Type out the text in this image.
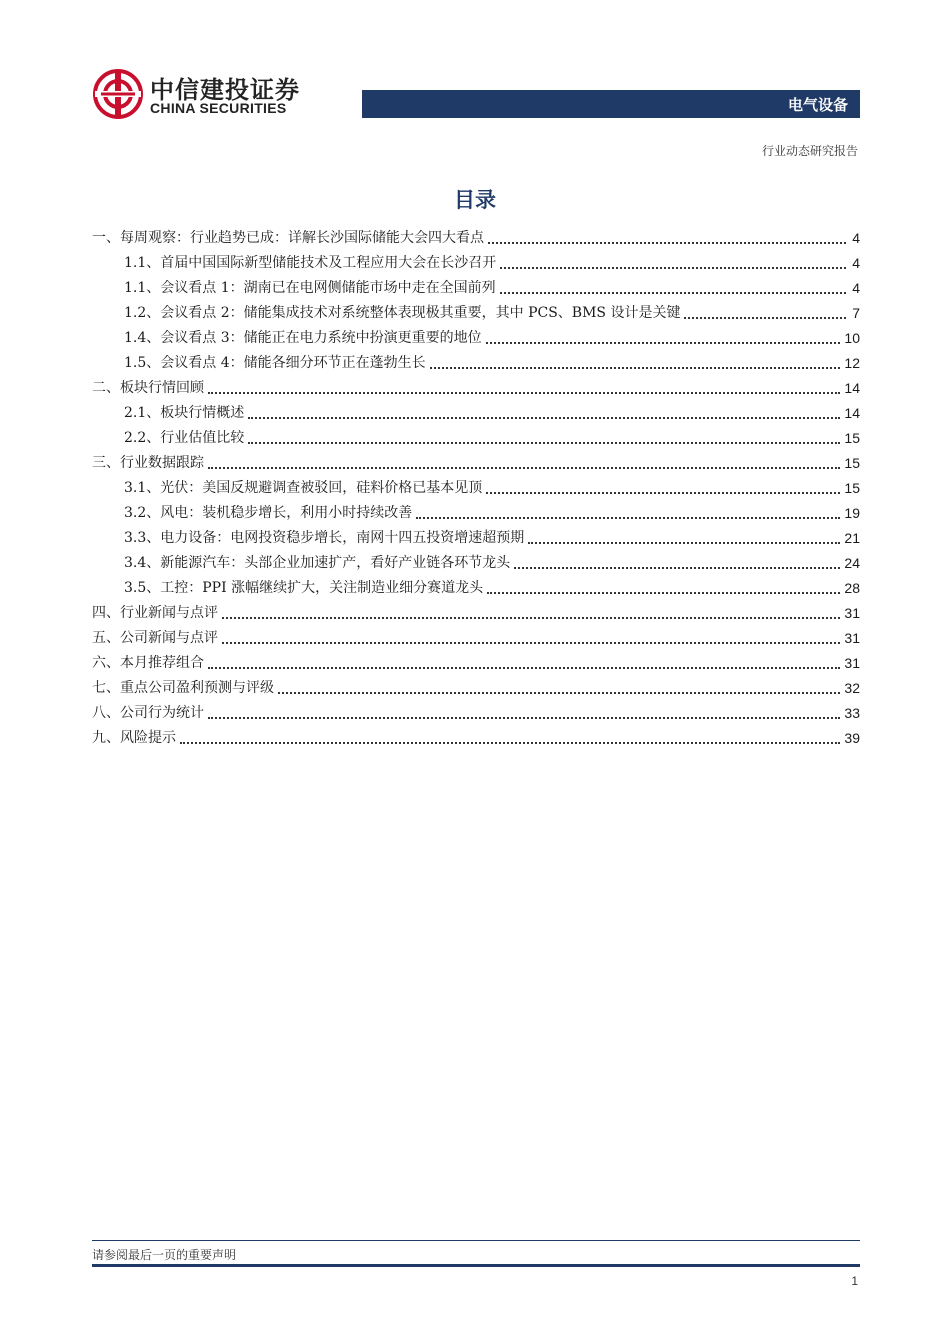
中信建投证券
CHINA SECURITIES	电气设备
行业动态研究报告
目录
一、每周观察：行业趋势已成：详解长沙国际储能大会四大看点	4
1.1、首届中国国际新型储能技术及工程应用大会在长沙召开	4
1.1、会议看点 1：湖南已在电网侧储能市场中走在全国前列	4
1.2、会议看点 2：储能集成技术对系统整体表现极其重要，其中 PCS、BMS 设计是关键	7
1.4、会议看点 3：储能正在电力系统中扮演更重要的地位	10
1.5、会议看点 4：储能各细分环节正在蓬勃生长	12
二、板块行情回顾	14
2.1、板块行情概述	14
2.2、行业估值比较	15
三、行业数据跟踪	15
3.1、光伏：美国反规避调查被驳回，硅料价格已基本见顶	15
3.2、风电：装机稳步增长，利用小时持续改善	19
3.3、电力设备：电网投资稳步增长，南网十四五投资增速超预期	21
3.4、新能源汽车：头部企业加速扩产，看好产业链各环节龙头	24
3.5、工控：PPI 涨幅继续扩大，关注制造业细分赛道龙头	28
四、行业新闻与点评	31
五、公司新闻与点评	31
六、本月推荐组合	31
七、重点公司盈利预测与评级	32
八、公司行为统计	33
九、风险提示	39
请参阅最后一页的重要声明
1
